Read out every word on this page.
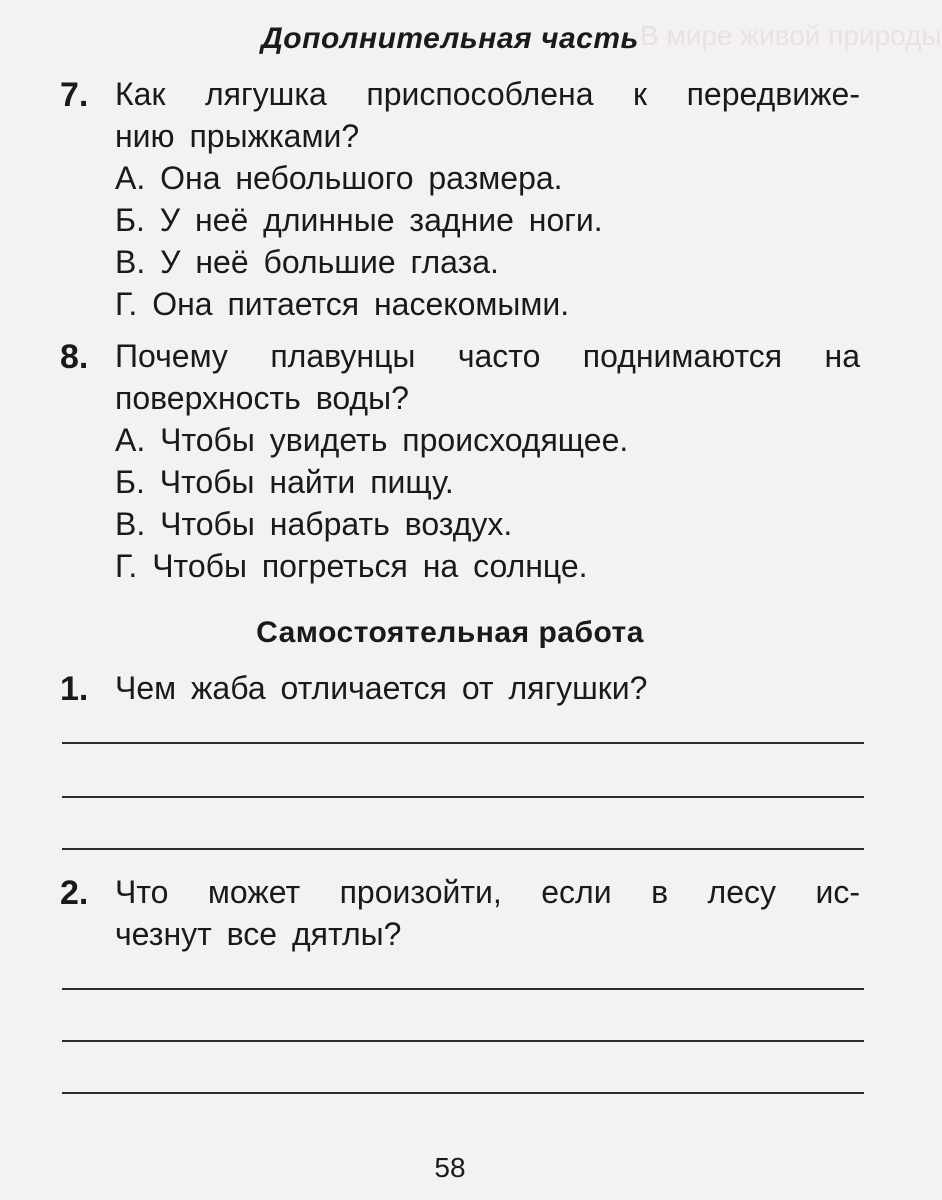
В мире живой природы
Дополнительная часть
7. Как лягушка приспособлена к передвиже-
нию прыжками?
А. Она небольшого размера.
Б. У неё длинные задние ноги.
В. У неё большие глаза.
Г. Она питается насекомыми.
8. Почему плавунцы часто поднимаются на
поверхность воды?
А. Чтобы увидеть происходящее.
Б. Чтобы найти пищу.
В. Чтобы набрать воздух.
Г. Чтобы погреться на солнце.
Самостоятельная работа
1. Чем жаба отличается от лягушки?
2. Что может произойти, если в лесу ис-
чезнут все дятлы?
58
